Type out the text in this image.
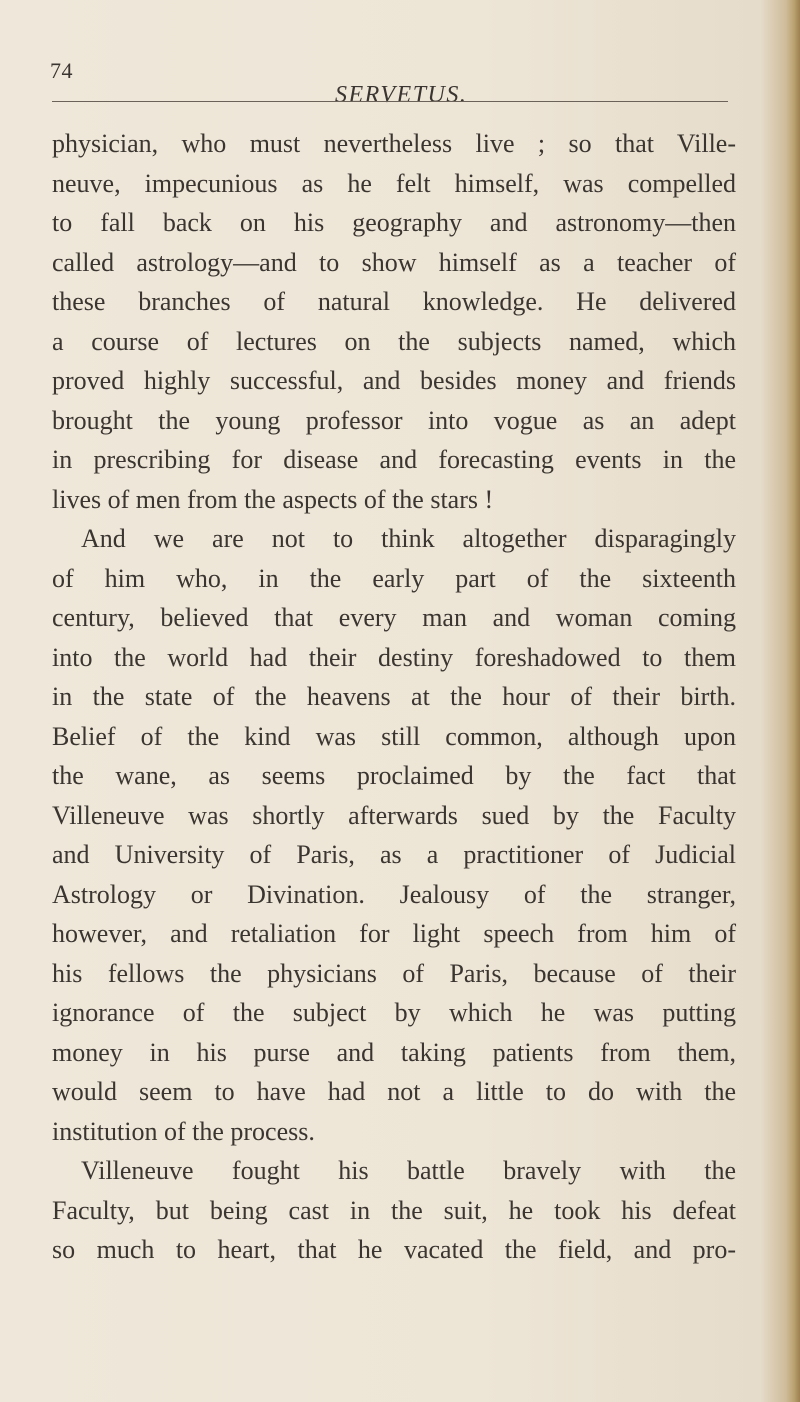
74
SERVETUS.
physician, who must nevertheless live ; so that Ville-
neuve, impecunious as he felt himself, was compelled
to fall back on his geography and astronomy—then
called astrology—and to show himself as a teacher of
these branches of natural knowledge. He delivered
a course of lectures on the subjects named, which
proved highly successful, and besides money and friends
brought the young professor into vogue as an adept
in prescribing for disease and forecasting events in the
lives of men from the aspects of the stars !
And we are not to think altogether disparagingly
of him who, in the early part of the sixteenth
century, believed that every man and woman coming
into the world had their destiny foreshadowed to them
in the state of the heavens at the hour of their birth.
Belief of the kind was still common, although upon
the wane, as seems proclaimed by the fact that
Villeneuve was shortly afterwards sued by the Faculty
and University of Paris, as a practitioner of Judicial
Astrology or Divination. Jealousy of the stranger,
however, and retaliation for light speech from him of
his fellows the physicians of Paris, because of their
ignorance of the subject by which he was putting
money in his purse and taking patients from them,
would seem to have had not a little to do with the
institution of the process.
Villeneuve fought his battle bravely with the
Faculty, but being cast in the suit, he took his defeat
so much to heart, that he vacated the field, and pro-
